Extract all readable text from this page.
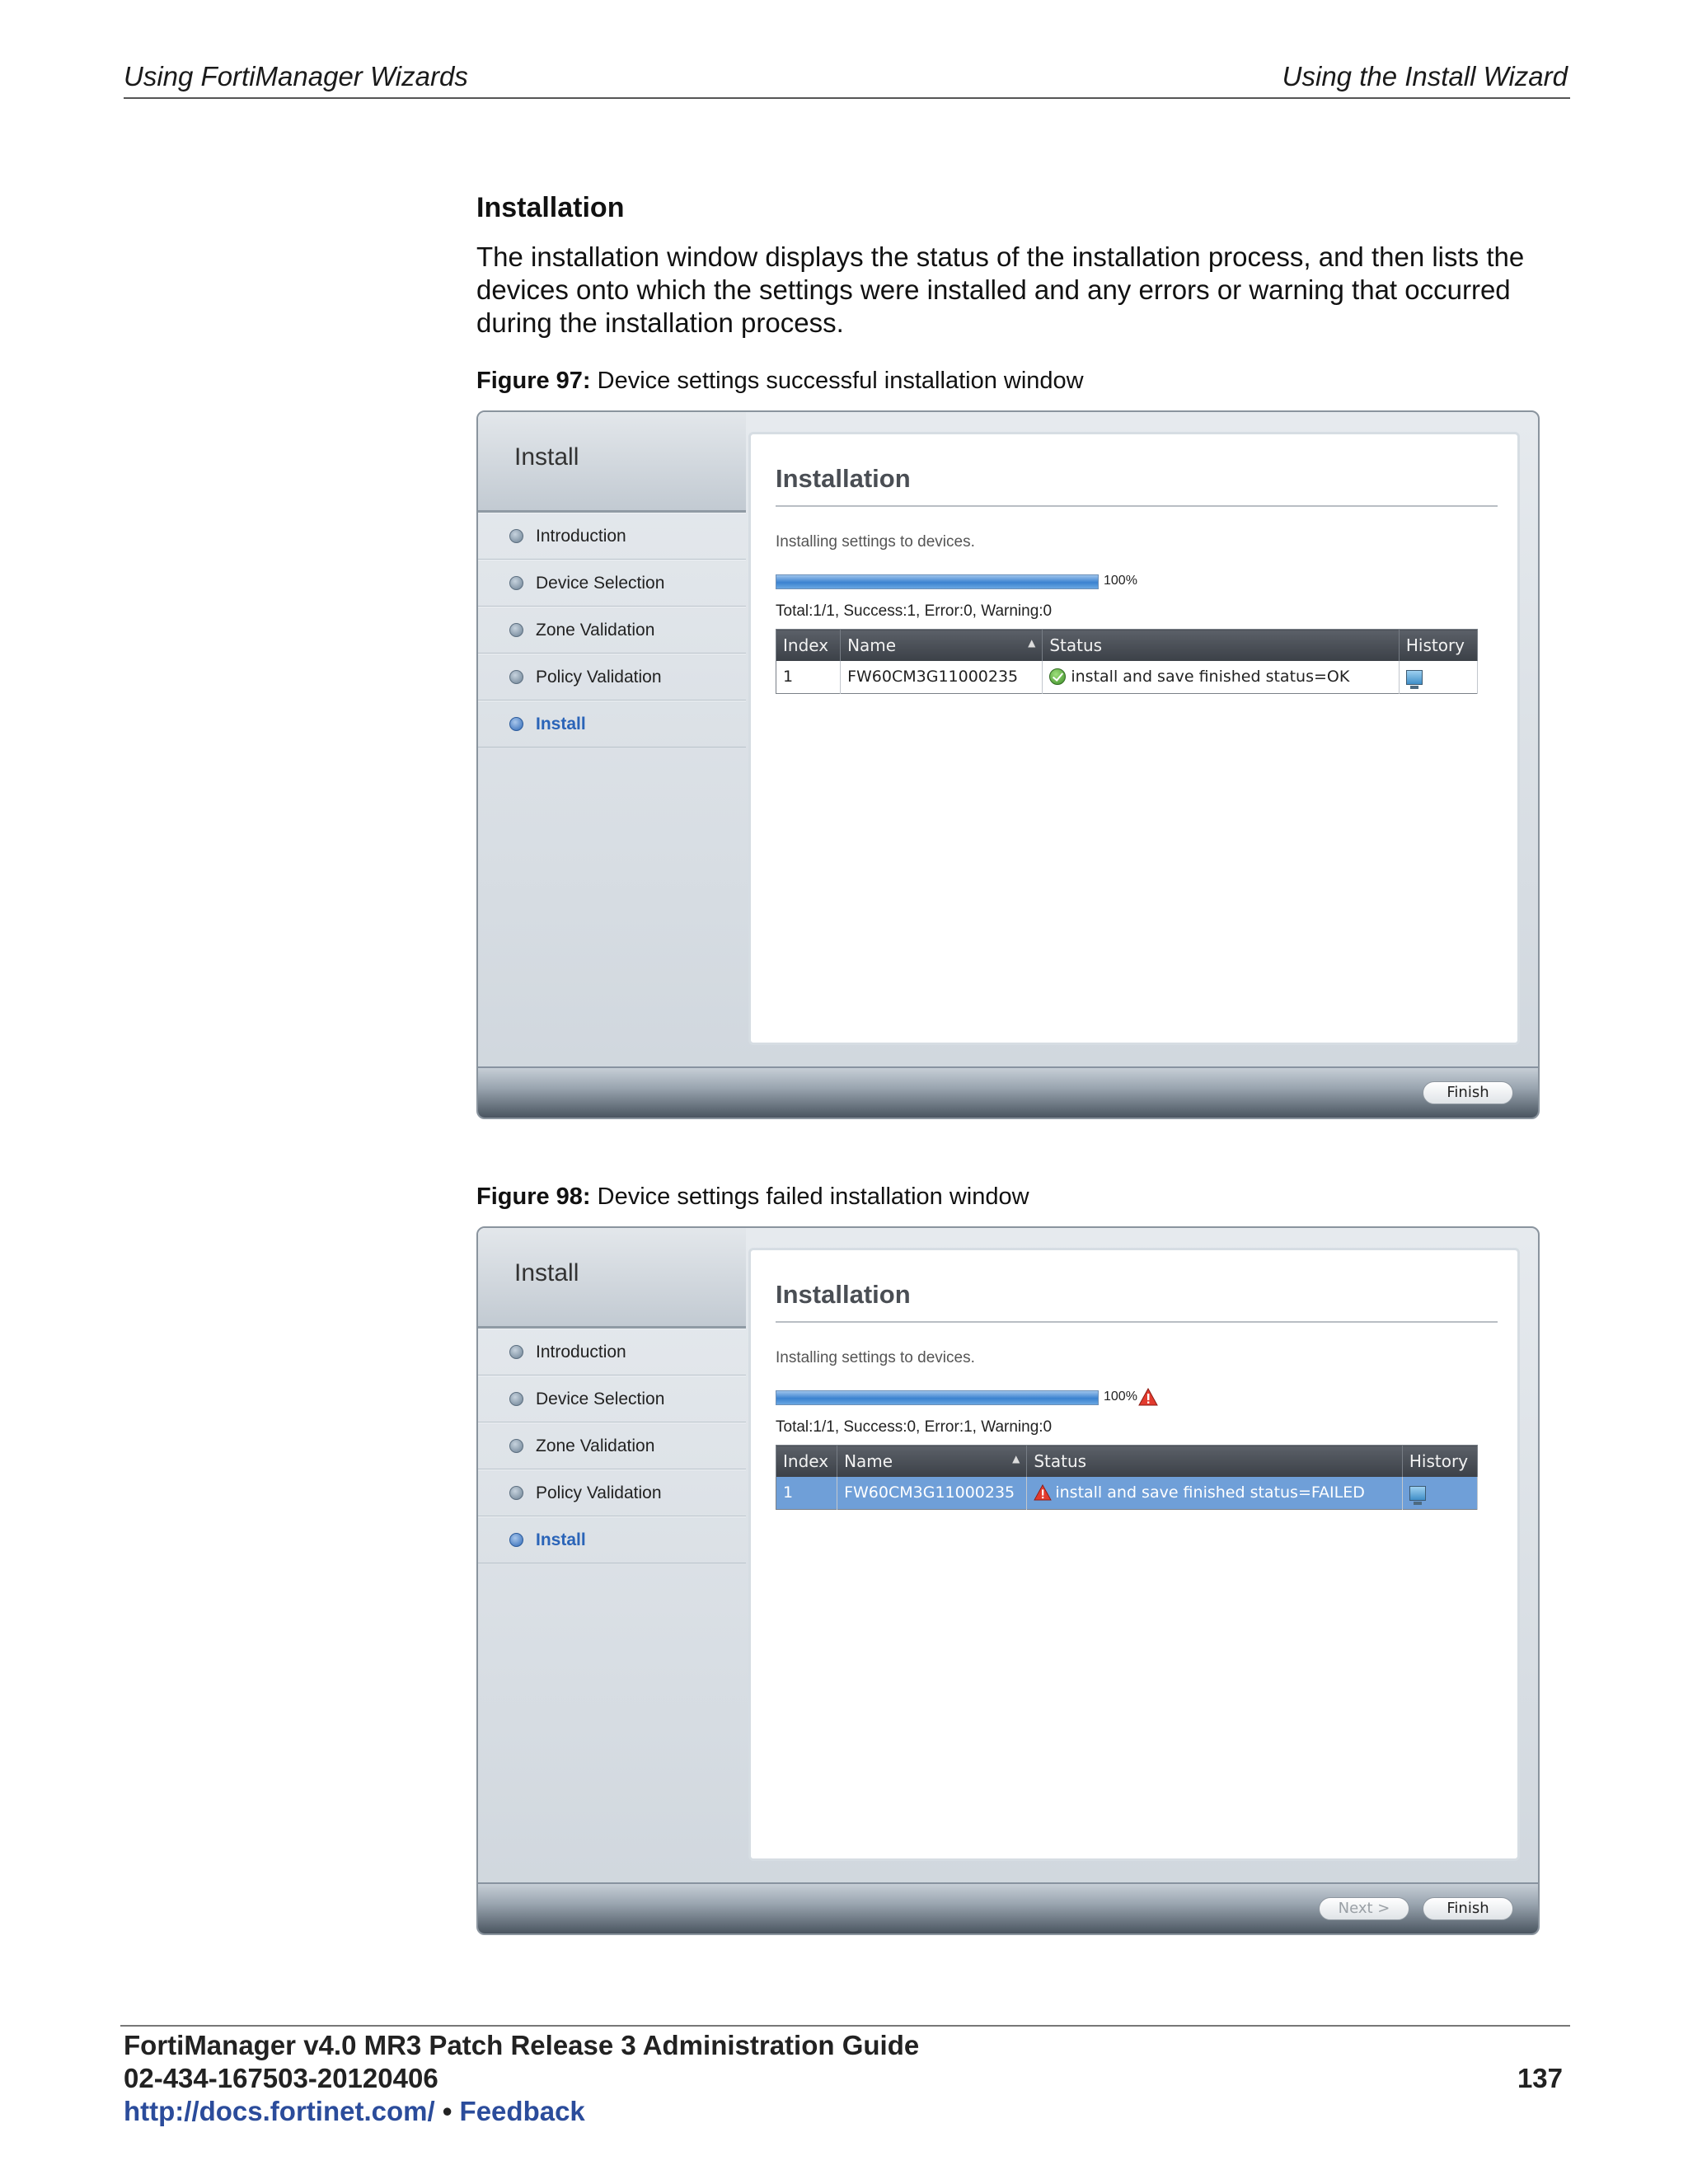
Using FortiManager Wizards	Using the Install Wizard
Installation
The installation window displays the status of the installation process, and then lists the devices onto which the settings were installed and any errors or warning that occurred during the installation process.
Figure 97: Device settings successful installation window
Install
Introduction
Device Selection
Zone Validation
Policy Validation
Install
Installation
Installing settings to devices.
100%
Total:1/1, Success:1, Error:0, Warning:0
Index	Name ▲	Status	History
1	FW60CM3G11000235	install and save finished status=OK	
Finish
Figure 98: Device settings failed installation window
Install
Introduction
Device Selection
Zone Validation
Policy Validation
Install
Installation
Installing settings to devices.
100%
Total:1/1, Success:0, Error:1, Warning:0
Index	Name ▲	Status	History
1	FW60CM3G11000235	install and save finished status=FAILED	
Next >	Finish
FortiManager v4.0 MR3 Patch Release 3 Administration Guide
02-434-167503-20120406
http://docs.fortinet.com/ • Feedback
137
